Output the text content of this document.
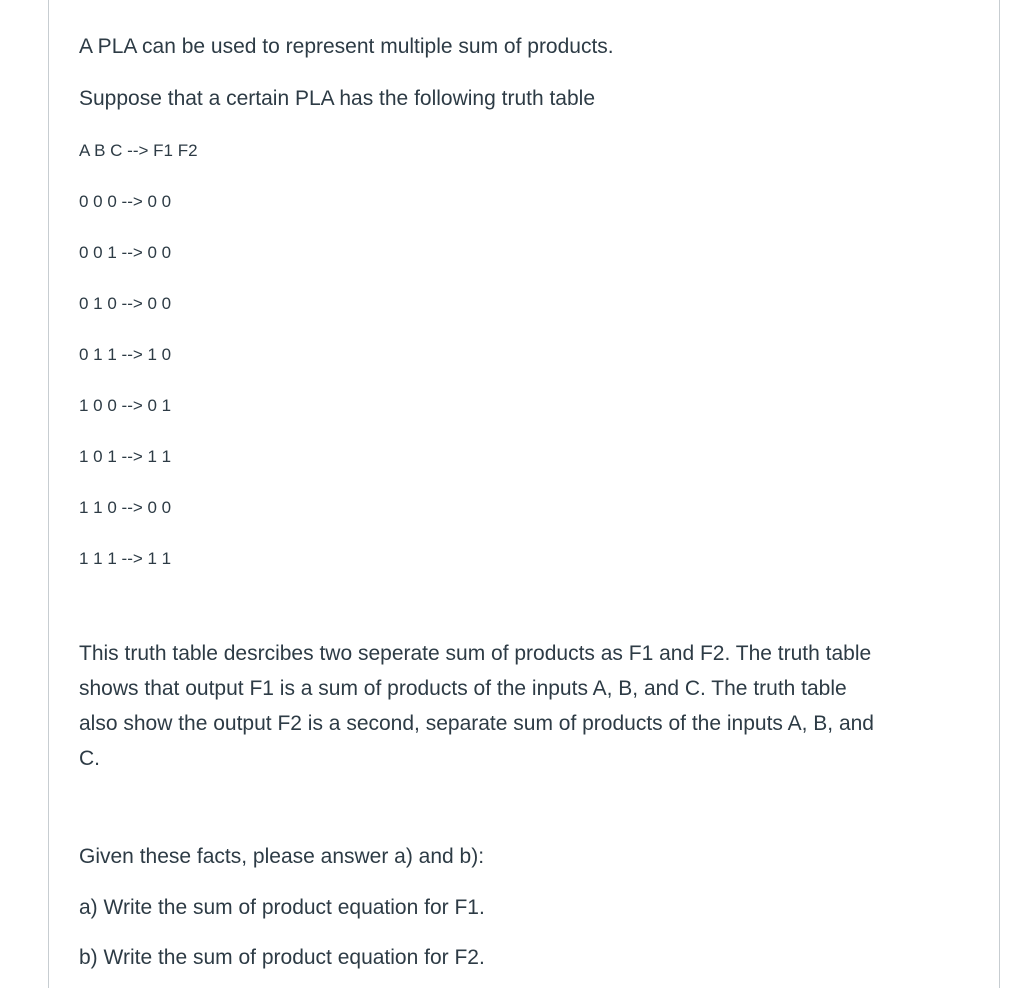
A PLA can be used to represent multiple sum of products.

Suppose that a certain PLA has the following truth table

A B C --> F1 F2

0 0 0 --> 0 0
0 0 1 --> 0 0
0 1 0 --> 0 0
0 1 1 --> 1 0
1 0 0 --> 0 1
1 0 1 --> 1 1
1 1 0 --> 0 0
1 1 1 --> 1 1
This truth table desrcibes two seperate sum of products as F1 and F2. The truth table
shows that output F1 is a sum of products of the inputs A, B, and C. The truth table
also show the output F2 is a second, separate sum of products of the inputs A, B, and
C.

Given these facts, please answer a) and b):

a) Write the sum of product equation for F1.

b) Write the sum of product equation for F2.
